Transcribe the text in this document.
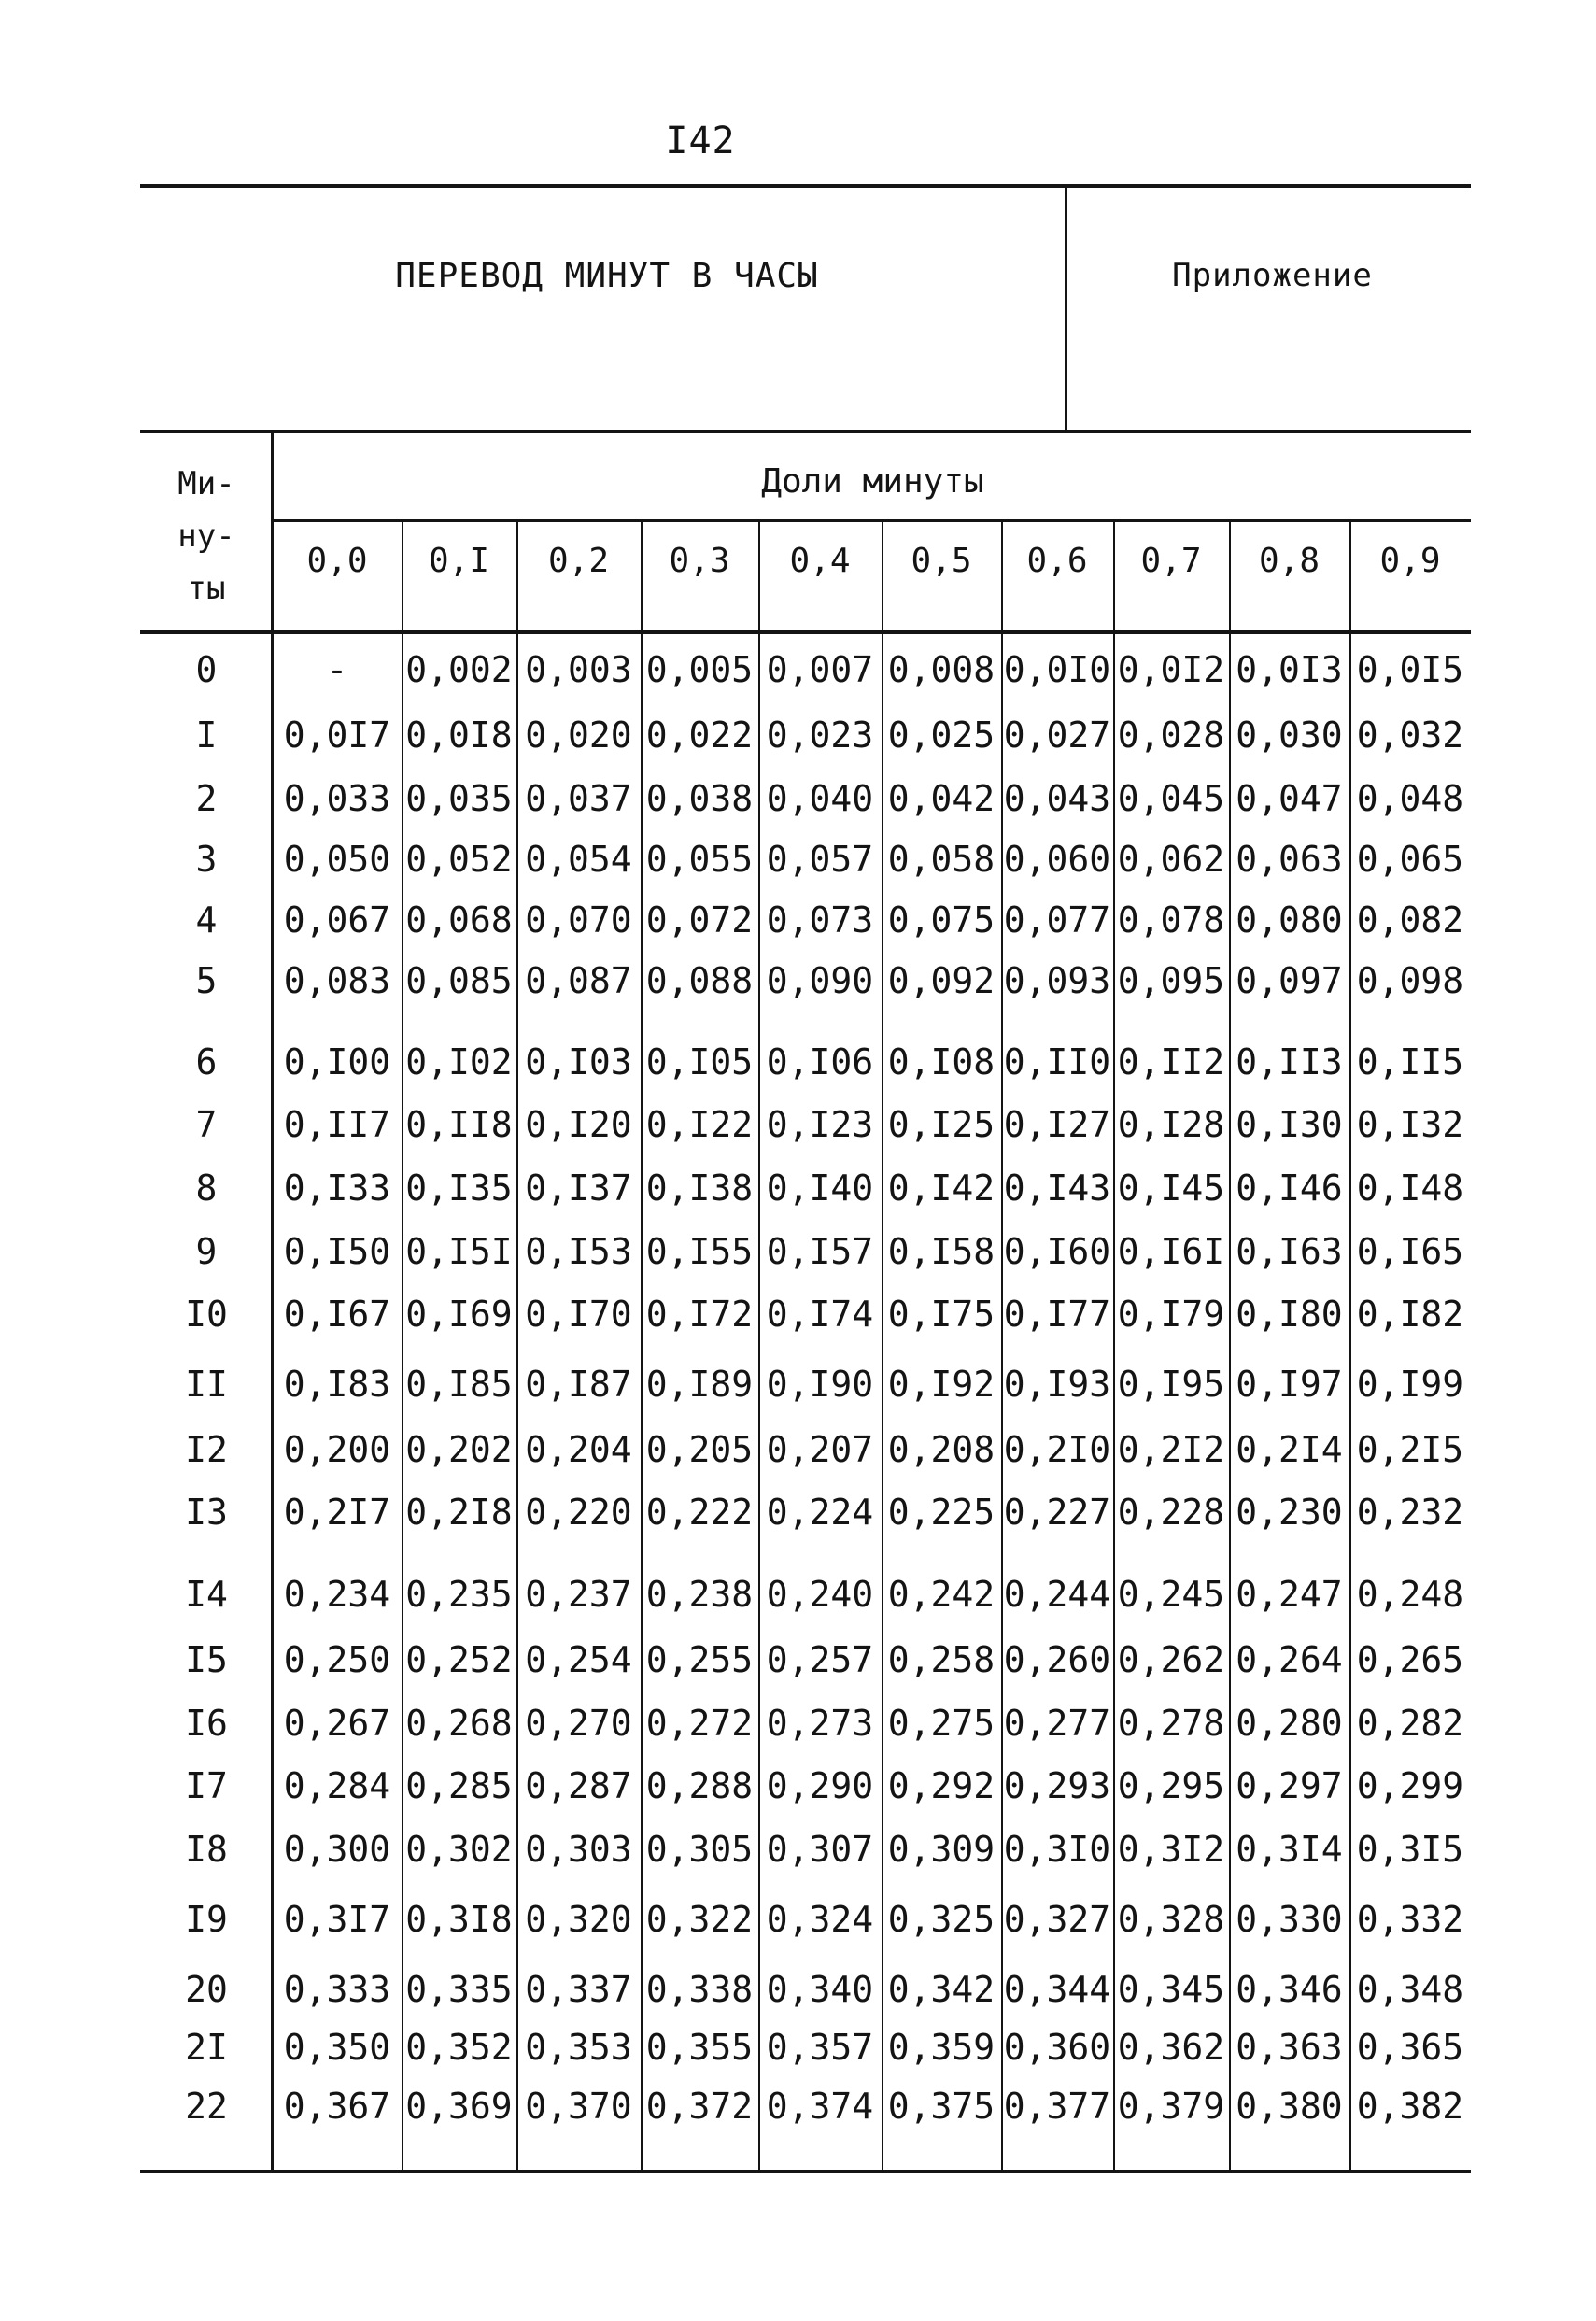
I42
ПЕРЕВОД МИНУТ В ЧАСЫ	Приложение
Ми-
ну-
ты
Доли минуты
0,0	0,I	0,2	0,3	0,4	0,5	0,6	0,7	0,8	0,9
0	-	0,002 0,003 0,005 0,007 0,008 0,0I0 0,0I2 0,0I3 0,0I5
I	0,0I7 0,0I8 0,020 0,022 0,023 0,025 0,027 0,028 0,030 0,032
2	0,033 0,035 0,037 0,038 0,040 0,042 0,043 0,045 0,047 0,048
3	0,050 0,052 0,054 0,055 0,057 0,058 0,060 0,062 0,063 0,065
4	0,067 0,068 0,070 0,072 0,073 0,075 0,077 0,078 0,080 0,082
5	0,083 0,085 0,087 0,088 0,090 0,092 0,093 0,095 0,097 0,098
6	0,I00 0,I02 0,I03 0,I05 0,I06 0,I08 0,II0 0,II2 0,II3 0,II5
7	0,II7 0,II8 0,I20 0,I22 0,I23 0,I25 0,I27 0,I28 0,I30 0,I32
8	0,I33 0,I35 0,I37 0,I38 0,I40 0,I42 0,I43 0,I45 0,I46 0,I48
9	0,I50 0,I5I 0,I53 0,I55 0,I57 0,I58 0,I60 0,I6I 0,I63 0,I65
I0	0,I67 0,I69 0,I70 0,I72 0,I74 0,I75 0,I77 0,I79 0,I80 0,I82
II	0,I83 0,I85 0,I87 0,I89 0,I90 0,I92 0,I93 0,I95 0,I97 0,I99
I2	0,200 0,202 0,204 0,205 0,207 0,208 0,2I0 0,2I2 0,2I4 0,2I5
I3	0,2I7 0,2I8 0,220 0,222 0,224 0,225 0,227 0,228 0,230 0,232
I4	0,234 0,235 0,237 0,238 0,240 0,242 0,244 0,245 0,247 0,248
I5	0,250 0,252 0,254 0,255 0,257 0,258 0,260 0,262 0,264 0,265
I6	0,267 0,268 0,270 0,272 0,273 0,275 0,277 0,278 0,280 0,282
I7	0,284 0,285 0,287 0,288 0,290 0,292 0,293 0,295 0,297 0,299
I8	0,300 0,302 0,303 0,305 0,307 0,309 0,3I0 0,3I2 0,3I4 0,3I5
I9	0,3I7 0,3I8 0,320 0,322 0,324 0,325 0,327 0,328 0,330 0,332
20	0,333 0,335 0,337 0,338 0,340 0,342 0,344 0,345 0,346 0,348
2I	0,350 0,352 0,353 0,355 0,357 0,359 0,360 0,362 0,363 0,365
22	0,367 0,369 0,370 0,372 0,374 0,375 0,377 0,379 0,380 0,382
